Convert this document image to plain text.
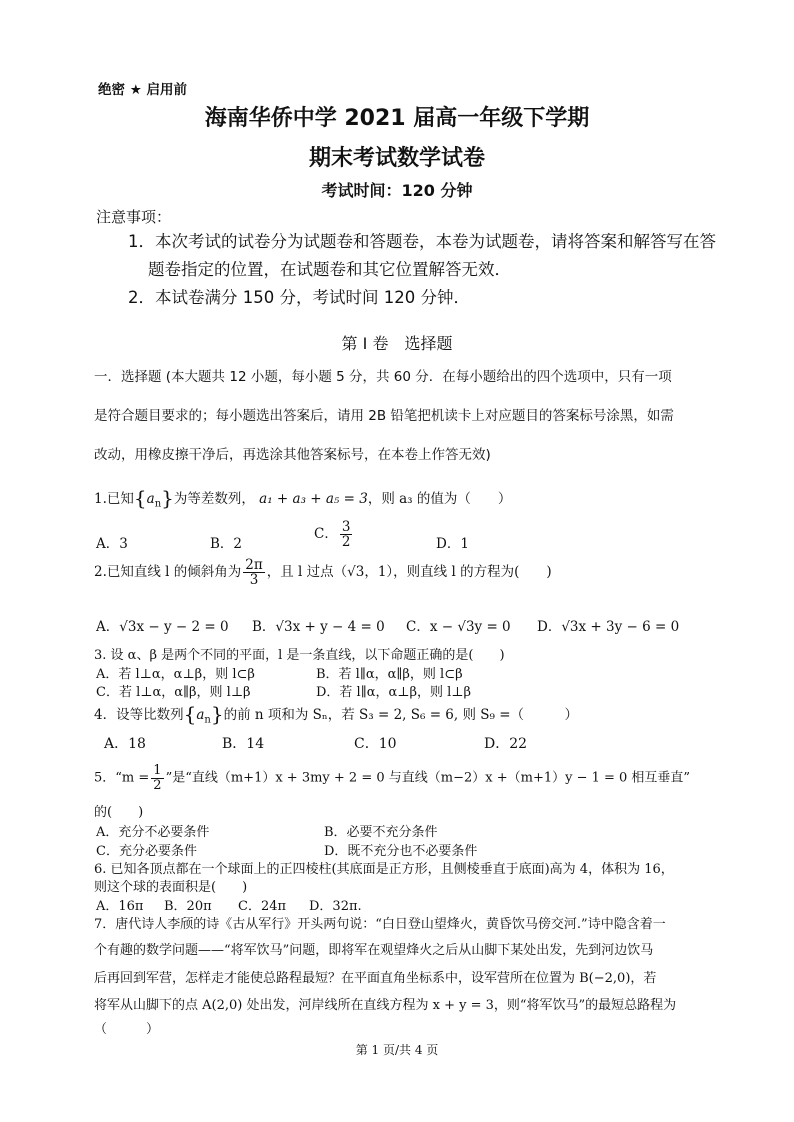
绝密 ★ 启用前
海南华侨中学 2021 届高一年级下学期
期末考试数学试卷
考试时间：120 分钟
注意事项：
1．本次考试的试卷分为试题卷和答题卷，本卷为试题卷，请将答案和解答写在答
题卷指定的位置，在试题卷和其它位置解答无效．
2．本试卷满分 150 分，考试时间 120 分钟．
第 Ⅰ 卷　选择题
一．选择题 (本大题共 12 小题，每小题 5 分，共 60 分．在每小题给出的四个选项中，只有一项
是符合题目要求的；每小题选出答案后，请用 2B 铅笔把机读卡上对应题目的答案标号涂黑，如需
改动，用橡皮擦干净后，再选涂其他答案标号，在本卷上作答无效)
1.已知$\{a_n\}$为等差数列， a₁ + a₃ + a₅ = 3，则 a₃ 的值为（　　）
A．3	B．2
C． $\frac{3}{2}$	D．1
2.已知直线 l 的倾斜角为 $\frac{2\pi}{3}$ ，且 l 过点（√3，1），则直线 l 的方程为(　　)
A．√3x − y − 2 = 0 B．√3x + y − 4 = 0 C．x − √3y = 0 D．√3x + 3y − 6 = 0
3. 设 α、β 是两个不同的平面，l 是一条直线，以下命题正确的是(　　)
A．若 l⊥α，α⊥β，则 l⊂β	B．若 l∥α，α∥β，则 l⊂β
C．若 l⊥α，α∥β，则 l⊥β	D．若 l∥α，α⊥β，则 l⊥β
4．设等比数列$\{a_n\}$的前 n 项和为 Sₙ，若 S₃ = 2, S₆ = 6, 则 S₉ =（　　　）
A．18	B．14	C．10	D．22
5．“$m = \frac{1}{2}$ ”是“直线（m+1）x + 3my + 2 = 0 与直线（m−2）x +（m+1）y − 1 = 0 相互垂直”
的(　　)
A．充分不必要条件	B．必要不充分条件
C．充分必要条件	D．既不充分也不必要条件
6. 已知各顶点都在一个球面上的正四棱柱(其底面是正方形，且侧棱垂直于底面)高为 4，体积为 16，
则这个球的表面积是(　　)
A．16π B．20π C．24π D．32π.
7．唐代诗人李颀的诗《古从军行》开头两句说：“白日登山望烽火，黄昏饮马傍交河.”诗中隐含着一
个有趣的数学问题——“将军饮马”问题，即将军在观望烽火之后从山脚下某处出发，先到河边饮马
后再回到军营，怎样走才能使总路程最短？在平面直角坐标系中，设军营所在位置为 B(−2,0)，若
将军从山脚下的点 A(2,0) 处出发，河岸线所在直线方程为 x + y = 3，则“将军饮马”的最短总路程为
（　　　）
第 1 页/共 4 页
